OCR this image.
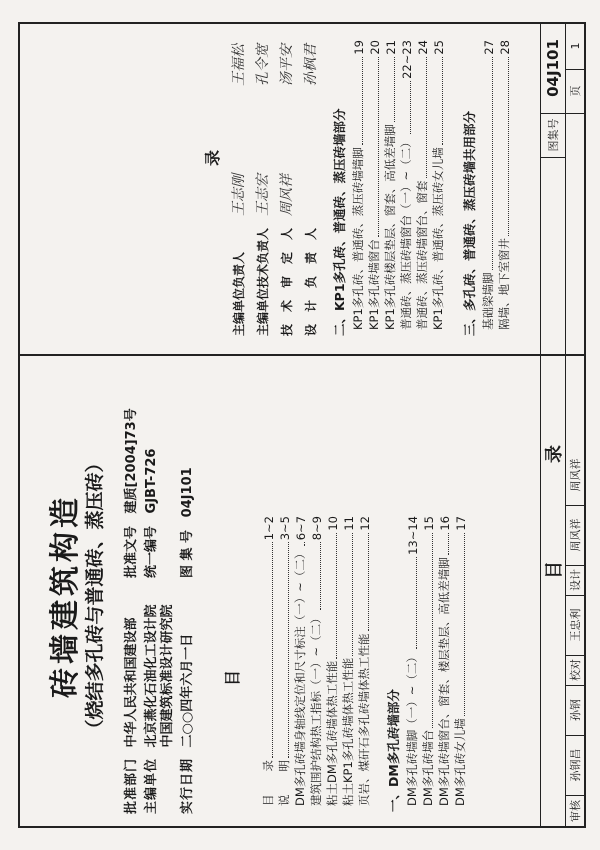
砖墙建筑构造 （烧结多孔砖与普通砖、蒸压砖）
批准部门 中华人民共和国建设部
批准文号 建质[2004]73号
主编单位 北京燕化石油化工设计院
统一编号 GJBT-726
中国建筑标准设计研究院
实行日期 二○○四年六月一日
图 集 号 04J101
目
目　　录
1~2
说　　明
3~5
DM多孔砖墙身轴线定位和尺寸标注（一）~（二）
6~7
建筑围护结构热工指标（一）~（二）
8~9
粘土DM多孔砖墙体热工性能
10
粘土KP1多孔砖墙体热工性能
11
页岩、煤矸石多孔砖墙体热工性能
12
一、DM多孔砖墙部分 DM多孔砖墙脚（一）~（二）
13~14
DM多孔砖墙台
15
DM多孔砖墙窗台、窗套、楼层垫层、高低差墙脚
16
DM多孔砖女儿墙
17
主编单位负责人 主编单位技术负责人 技　术　审　定　人 设　计　负　责　人
王志刚 王志宏 周风祥
王福松 孔令宽 汤平安 孙枫君
录	二、KP1多孔砖、普通砖、蒸压砖墙部分 KP1多孔砖、普通砖、蒸压砖墙墙脚
19
KP1多孔砖墙窗台
20
KP1多孔砖楼层垫层、窗套、高低差墙脚
21
普通砖、蒸压砖墙窗台（一）~（二）
22~23
普通砖、蒸压砖墙窗台、窗套
24
KP1多孔砖、普通砖、蒸压砖女儿墙
25
三、多孔砖、普通砖、蒸压砖墙共用部分 基础梁墙脚
27
隔墙、地下室窗井
28
目　录
图集号
04J101
审核
孙钢昌
孙钢
校对
王忠利
设计
周风祥
周风祥
页
1
